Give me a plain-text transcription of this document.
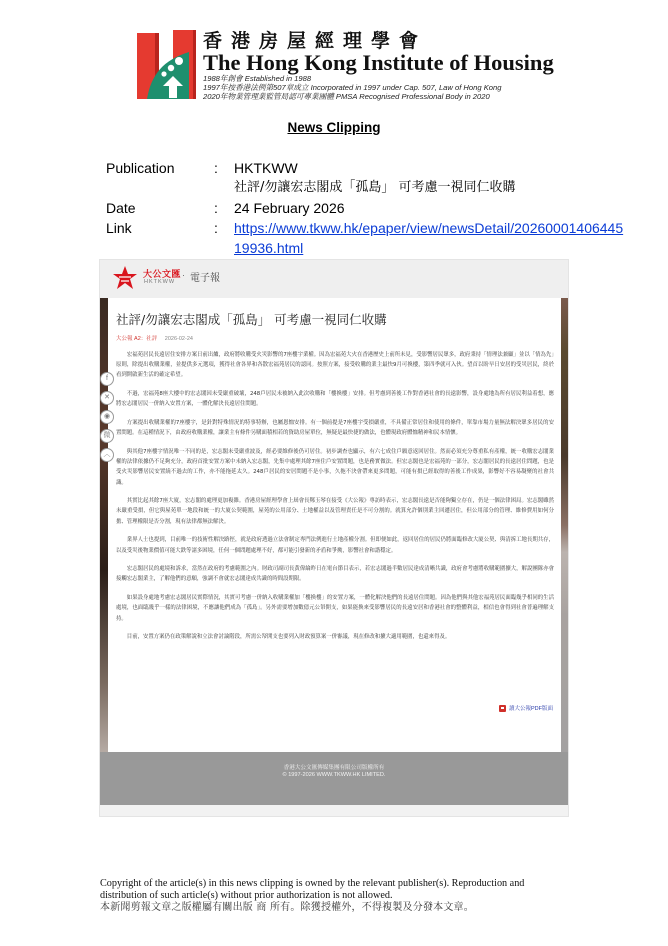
香港房屋經理學會
The Hong Kong Institute of Housing
1988年創會 Established in 1988
1997年按香港法例第507章成立 Incorporated in 1997 under Cap. 507, Law of Hong Kong
2020年物業管理業監管局認可專業團體 PMSA Recognised Professional Body in 2020
News Clipping
Publication	: HKTKWW
社評/勿讓宏志閣成「孤島」 可考慮一視同仁收購
Date	: 24 February 2026
Link	: https://www.tkww.hk/epaper/view/newsDetail/20260001406445
19936.html
大公文匯
HKTKWW
· 電子報
社評/勿讓宏志閣成「孤島」 可考慮一視同仁收購
大公報 A2：社評 2026-02-24

宏福苑居民長遠居住安排方案日前出爐，政府將收購受火災影響的7座樓宇業權。因為宏福苑大火在香港歷史上前所未見，受影響居民眾多，政府秉持「情理法兼顧」並以「情為先」原則，除提出收購業權，並提供多元選項，獲得社會各界和各散宏福苑居民的認同。按照方案，接受收購的業主最快9月可換樓，第四季就可入伙。望首以盼早日安居的受災居民，終於看到開啟新生活的確定希望。

不過，宏福苑8座大樓中的宏志閣因未受嚴重破壞，248戶居民未被納入此次收購和「樓換樓」安排。但考慮到善後工作對香港社會的長遠影響，設身處地為所有居民利益着想，應將宏志閣居民一併納入安置方案，一體化解決長遠居住問題。

方案提出收購業權的7座樓宇，是針對特殊情況的特事特辦，也屬恩恤安排。有一個前提是7座樓宇受損嚴重，不具備正常居住和使用的條件，單靠市場力量無法解決眾多居民的安置問題。在這種情況下，由政府收購業權，讓業主有條件另購面積相若的資助房屋單位，無疑是最快捷的做法，也體現政府體恤精神和民本情懷。

與其他7座樓宇情況唯一不同的是，宏志閣未受嚴重波及，經必要維修後仍可居住。初步調查也顯示，有六七成住戶願意返回居住。然而必須充分尊重私有產權，統一收購宏志閣業權的法律依據仍不足夠充分，政府首批安置方案中未納入宏志閣，先集中處理其餘7座住戶安置問題，也是務實做法。但宏志閣也是宏福苑的一部分，宏志閣居民的長遠居住問題，也是受火災影響居民安置繞不過去的工作，亦不能拖延太久。248戶居民的安居問題不是小事，久拖不決會帶來更多問題，可能有損已經取得的善後工作成果，影響好不容易凝聚的社會共識。

其實比起其餘7座大廈，宏志閣的處理更加複雜。香港房屋經理學會上屆會長鄭玉琴在接受《大公報》專訪時表示，宏志閣長遠是否能夠獨立存在，仍是一個法律困局。宏志閣雖然未嚴重受損，但它與屋苑單一地段和統一的大廈公契範圍，屋苑的公用部分、土地權益以及管理責任是不可分割的。就算允許個別業主回遷居住，但公用部分的管理、維修費用如何分擔、管理權限是否分割，現有法律都無法解決。

業界人士也提到，目前唯一的技術性解決路徑，就是政府透過立法會制定專門法例進行土地產權分割。但即便如此，返回居住的居民仍將面臨修改大廈公契、與清拆工地長期共存，以及受災後物業價值可能大跌等諸多困境，任何一個問題處理不好，都可能引發新的矛盾和爭拗，影響社會和諧穩定。

宏志閣居民的處境和訴求，當然在政府的考慮範圍之內。財政司副司長黃偉綸昨日在電台節目表示，若宏志閣過半數居民達成清晰共識，政府會考慮將收購範圍擴大，解說團隊亦會接觸宏志閣業主，了解他們的意願，強調不會就宏志閣達成共識的時間設期限。

如果設身處地考慮宏志閣居民實際情況，其實可考慮一併納入收購業權加「樓換樓」的安置方案，一體化解決他們的長遠居住問題。因為他們與其他宏福苑居民面臨幾乎相同的生活處境，也面臨幾乎一樣的法律困境，不應讓他們成為「孤島」。另外需要增加數億元公帑開支，如果能換來受影響居民的長遠安居和香港社會的整體利益，相信也會得到社會普遍理解支持。

目前，安置方案仍在政策解說和立法會討論階段，所需公帑開支也要列入財政預算案一併審議，現在修改和擴大適用範圍，也還來得及。

讀大公報PDF版面
f
✕
◉
微
︿
香港大公文匯傳媒集團有限公司版權所有
© 1997-2026 WWW.TKWW.HK LIMITED.
Copyright of the article(s) in this news clipping is owned by the relevant publisher(s). Reproduction and distribution of such article(s) without prior authorization is not allowed.
本新聞剪報文章之版權屬有關出版 商 所有。除獲授權外，不得複製及分發本文章。
